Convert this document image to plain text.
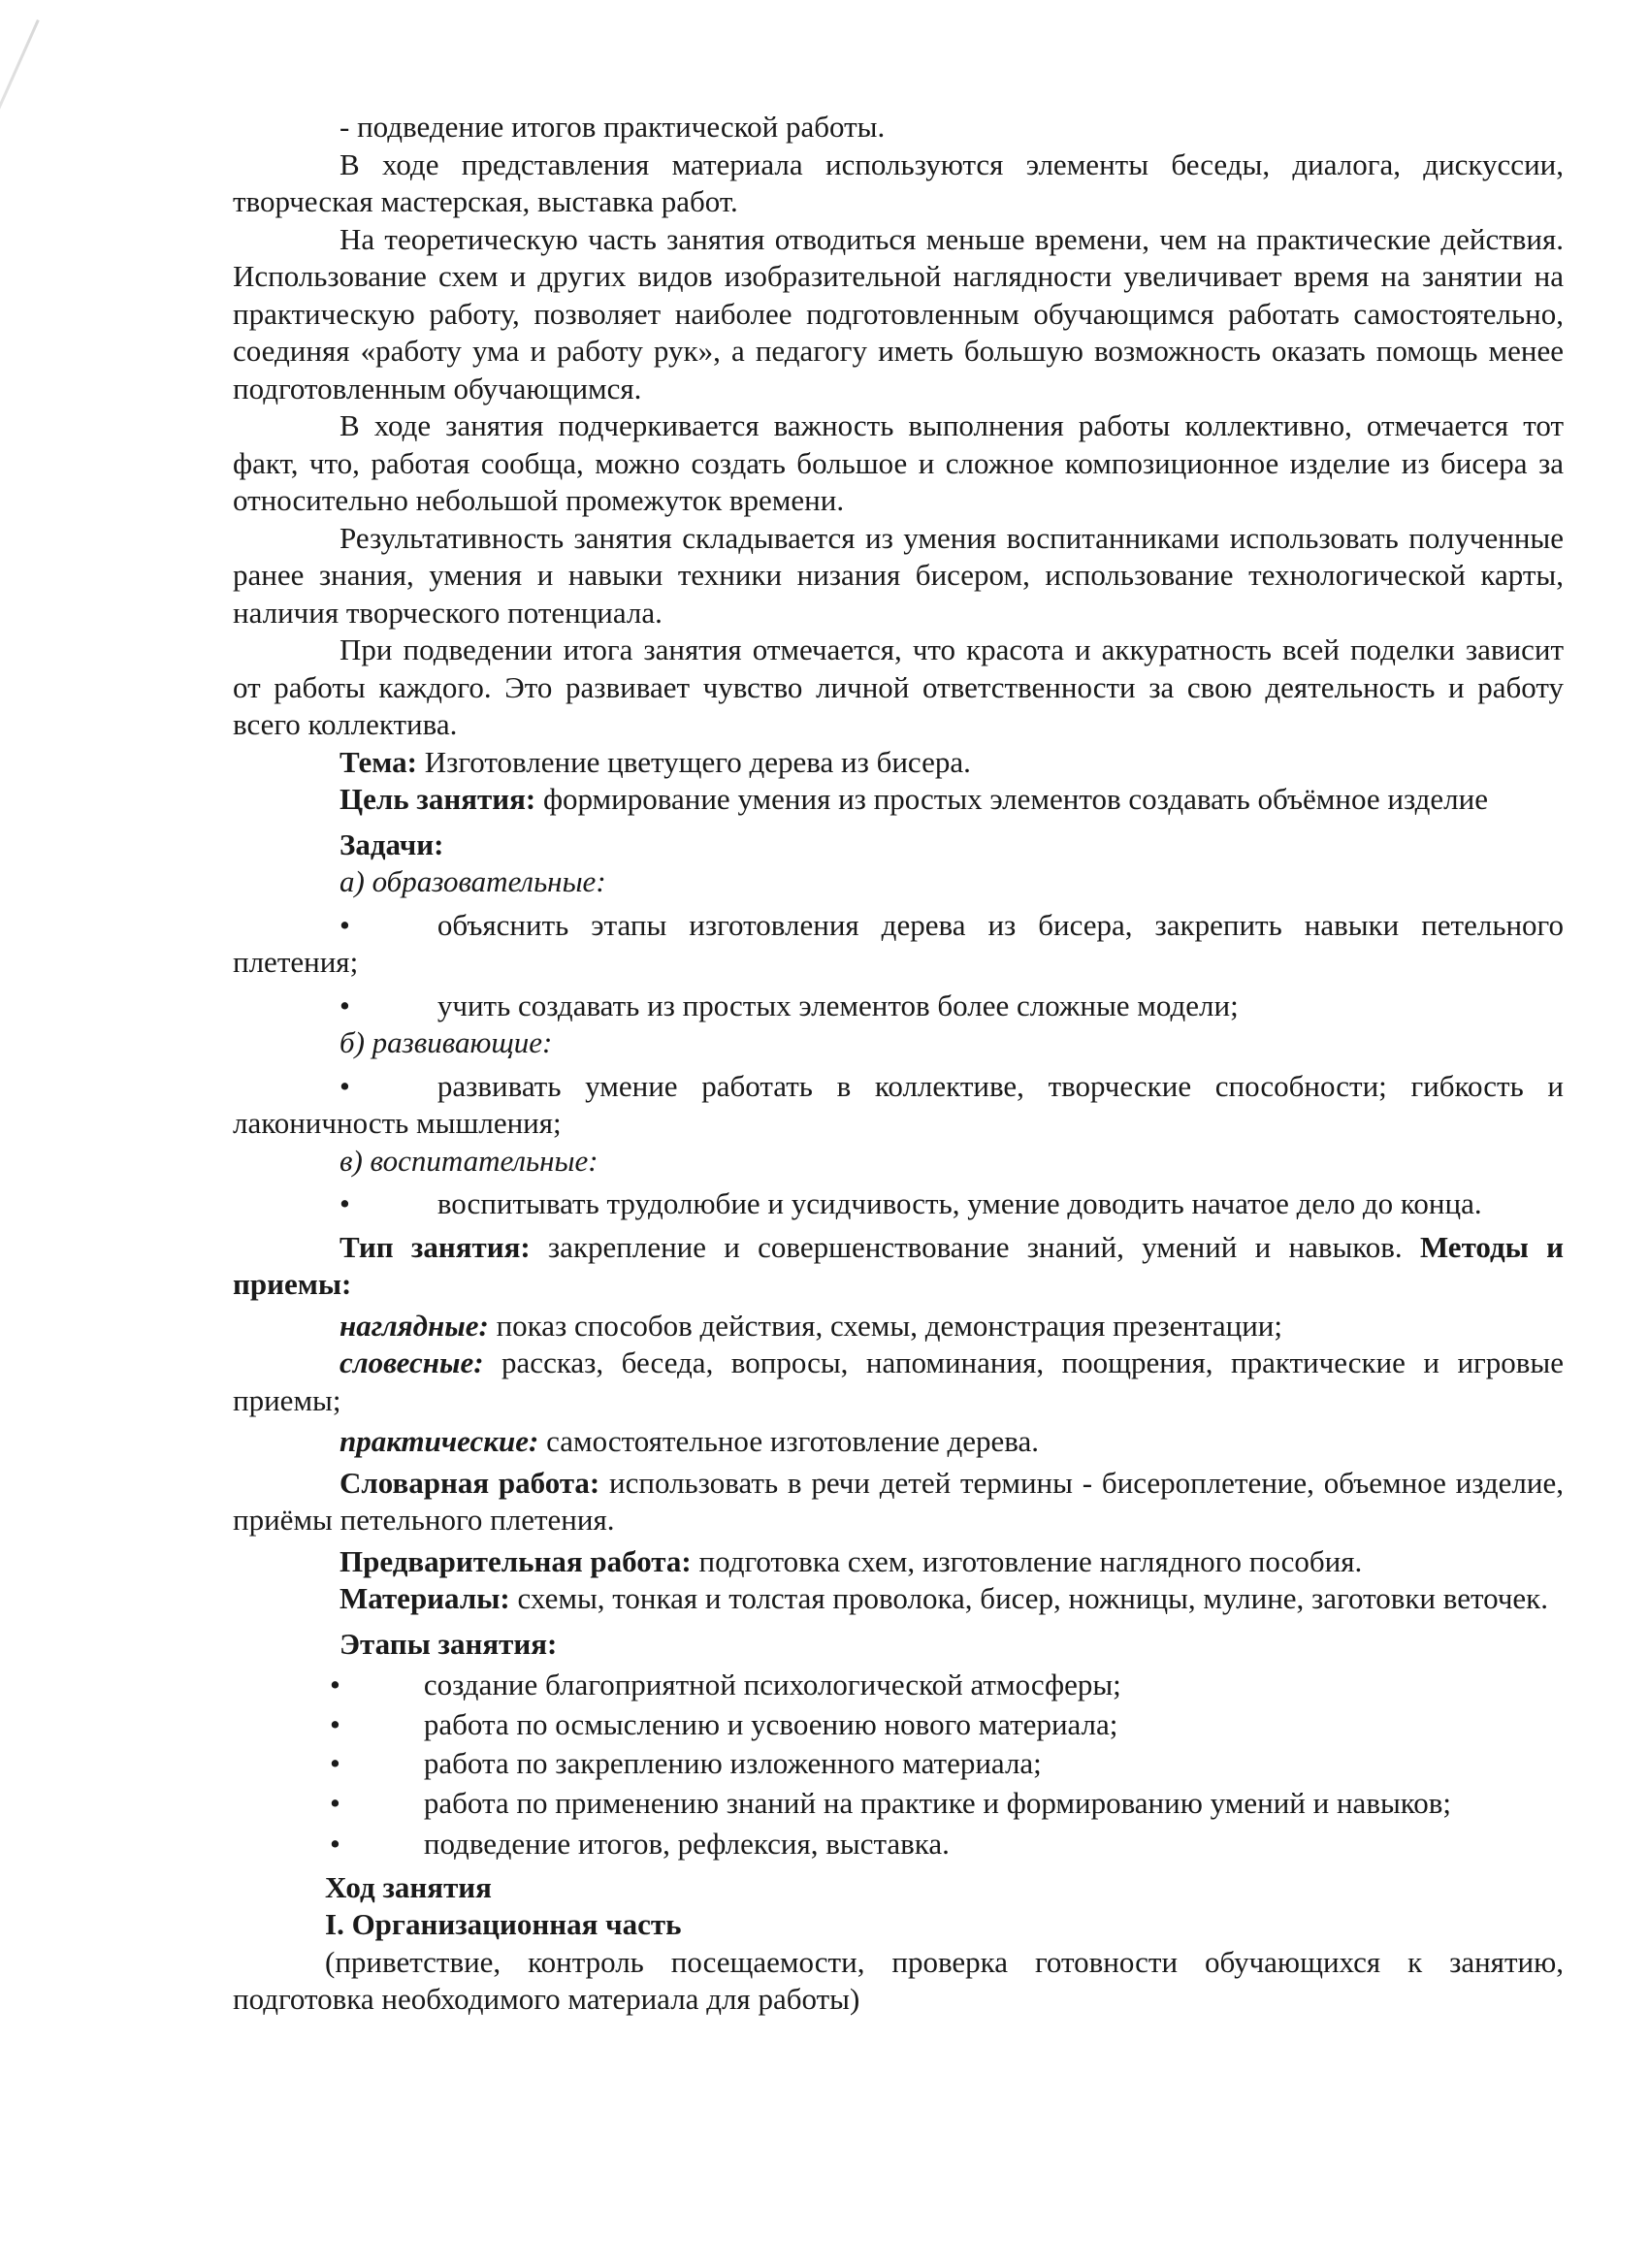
- подведение итогов практической работы.

В ходе представления материала используются элементы беседы, диалога, дискуссии, творческая мастерская, выставка работ.

На теоретическую часть занятия отводиться меньше времени, чем на практические действия. Использование схем и других видов изобразительной наглядности увеличивает время на занятии на практическую работу, позволяет наиболее подготовленным обучающимся работать самостоятельно, соединяя «работу ума и работу рук», а педагогу иметь большую возможность оказать помощь менее подготовленным обучающимся.

В ходе занятия подчеркивается важность выполнения работы коллективно, отмечается тот факт, что, работая сообща, можно создать большое и сложное композиционное изделие из бисера за относительно небольшой промежуток времени.

Результативность занятия складывается из умения воспитанниками использовать полученные ранее знания, умения и навыки техники низания бисером, использование технологической карты, наличия творческого потенциала.

При подведении итога занятия отмечается, что красота и аккуратность всей поделки зависит от работы каждого. Это развивает чувство личной ответственности за свою деятельность и работу всего коллектива.

Тема: Изготовление цветущего дерева из бисера.

Цель занятия: формирование умения из простых элементов создавать объёмное изделие

Задачи:

а) образовательные:

•	объяснить этапы изготовления дерева из бисера, закрепить навыки петельного плетения;

•	учить создавать из простых элементов более сложные модели;

б) развивающие:

•	развивать умение работать в коллективе, творческие способности; гибкость и лаконичность мышления;

в) воспитательные:

•	воспитывать трудолюбие и усидчивость, умение доводить начатое дело до конца.

Тип занятия: закрепление и совершенствование знаний, умений и навыков. Методы и приемы:

наглядные: показ способов действия, схемы, демонстрация презентации;

словесные: рассказ, беседа, вопросы, напоминания, поощрения, практические и игровые приемы;

практические: самостоятельное изготовление дерева.

Словарная работа: использовать в речи детей термины - бисероплетение, объемное изделие, приёмы петельного плетения.

Предварительная работа: подготовка схем, изготовление наглядного пособия.

Материалы: схемы, тонкая и толстая проволока, бисер, ножницы, мулине, заготовки веточек.

Этапы занятия:

•	создание благоприятной психологической атмосферы;

•	работа по осмыслению и усвоению нового материала;

•	работа по закреплению изложенного материала;

•	работа по применению знаний на практике и формированию умений и навыков;

•	подведение итогов, рефлексия, выставка.

Ход занятия

I. Организационная часть

(приветствие, контроль посещаемости, проверка готовности обучающихся к занятию, подготовка необходимого материала для работы)
